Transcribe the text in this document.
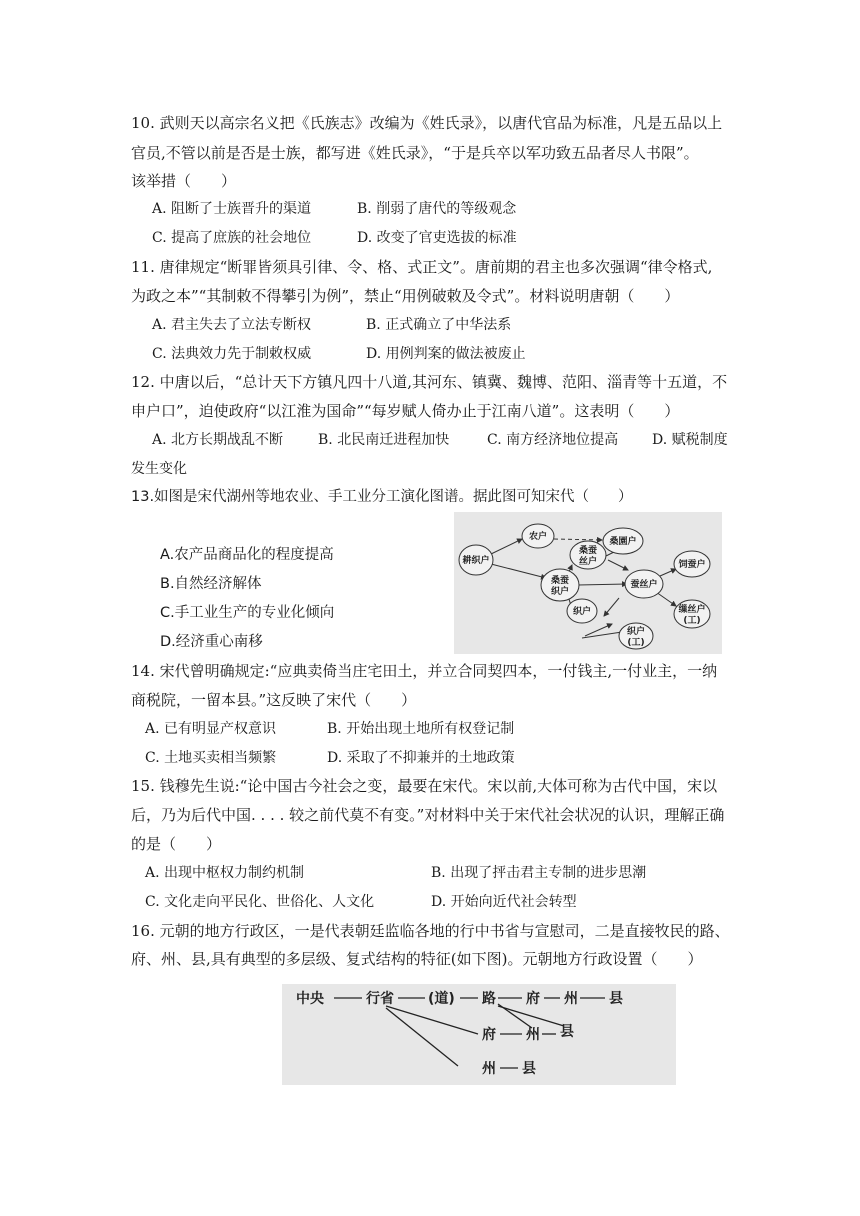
10. 武则天以高宗名义把《氏族志》改编为《姓氏录》，以唐代官品为标准，凡是五品以上
官员,不管以前是否是士族，都写进《姓氏录》，“于是兵卒以军功致五品者尽人书限”。
该举措（　　）
A. 阻断了士族晋升的渠道	B. 削弱了唐代的等级观念
C. 提高了庶族的社会地位	D. 改变了官吏选拔的标准
11. 唐律规定“断罪皆须具引律、令、格、式正文”。唐前期的君主也多次强调“律令格式,
为政之本”“其制敕不得攀引为例”，禁止“用例破敕及令式”。材料说明唐朝（　　）
A. 君主失去了立法专断权	B. 正式确立了中华法系
C. 法典效力先于制敕权威	D. 用例判案的做法被废止
12. 中唐以后，“总计天下方镇凡四十八道,其河东、镇冀、魏博、范阳、淄青等十五道，不
申户口”，迫使政府“以江淮为国命”“每岁赋人倚办止于江南八道”。这表明（　　）
A. 北方长期战乱不断 B. 北民南迁进程加快	C. 南方经济地位提高 D. 赋税制度
发生变化
13.如图是宋代湖州等地农业、手工业分工演化图谱。据此图可知宋代（　　）
A.农产品商品化的程度提高
B.自然经济解体
C.手工业生产的专业化倾向
D.经济重心南移
耕织户
农户	桑園户
桑蚕
丝户
桑蚕
织户
蚕丝户
饲蚕户
织户	缫丝户
(工)
织户
(工)
14. 宋代曾明确规定:“应典卖倚当庄宅田土，并立合同契四本，一付钱主,一付业主，一纳
商税院，一留本县。”这反映了宋代（　　）
A. 已有明显产权意识	B. 开始出现土地所有权登记制
C. 土地买卖相当频繁	D. 采取了不抑兼并的土地政策
15. 钱穆先生说:“论中国古今社会之变，最要在宋代。宋以前,大体可称为古代中国，宋以
后，乃为后代中国. . . . 较之前代莫不有变。”对材料中关于宋代社会状况的认识，理解正确
的是（　　）
A. 出现中枢权力制约机制	B. 出现了抨击君主专制的进步思潮
C. 文化走向平民化、世俗化、人文化	D. 开始向近代社会转型
16. 元朝的地方行政区，一是代表朝廷监临各地的行中书省与宣慰司，二是直接牧民的路、
府、州、县,具有典型的多层级、复式结构的特征(如下图)。元朝地方行政设置（　　）
中央	行省 (道) 路 府 州 县
府 州 县
州 县
